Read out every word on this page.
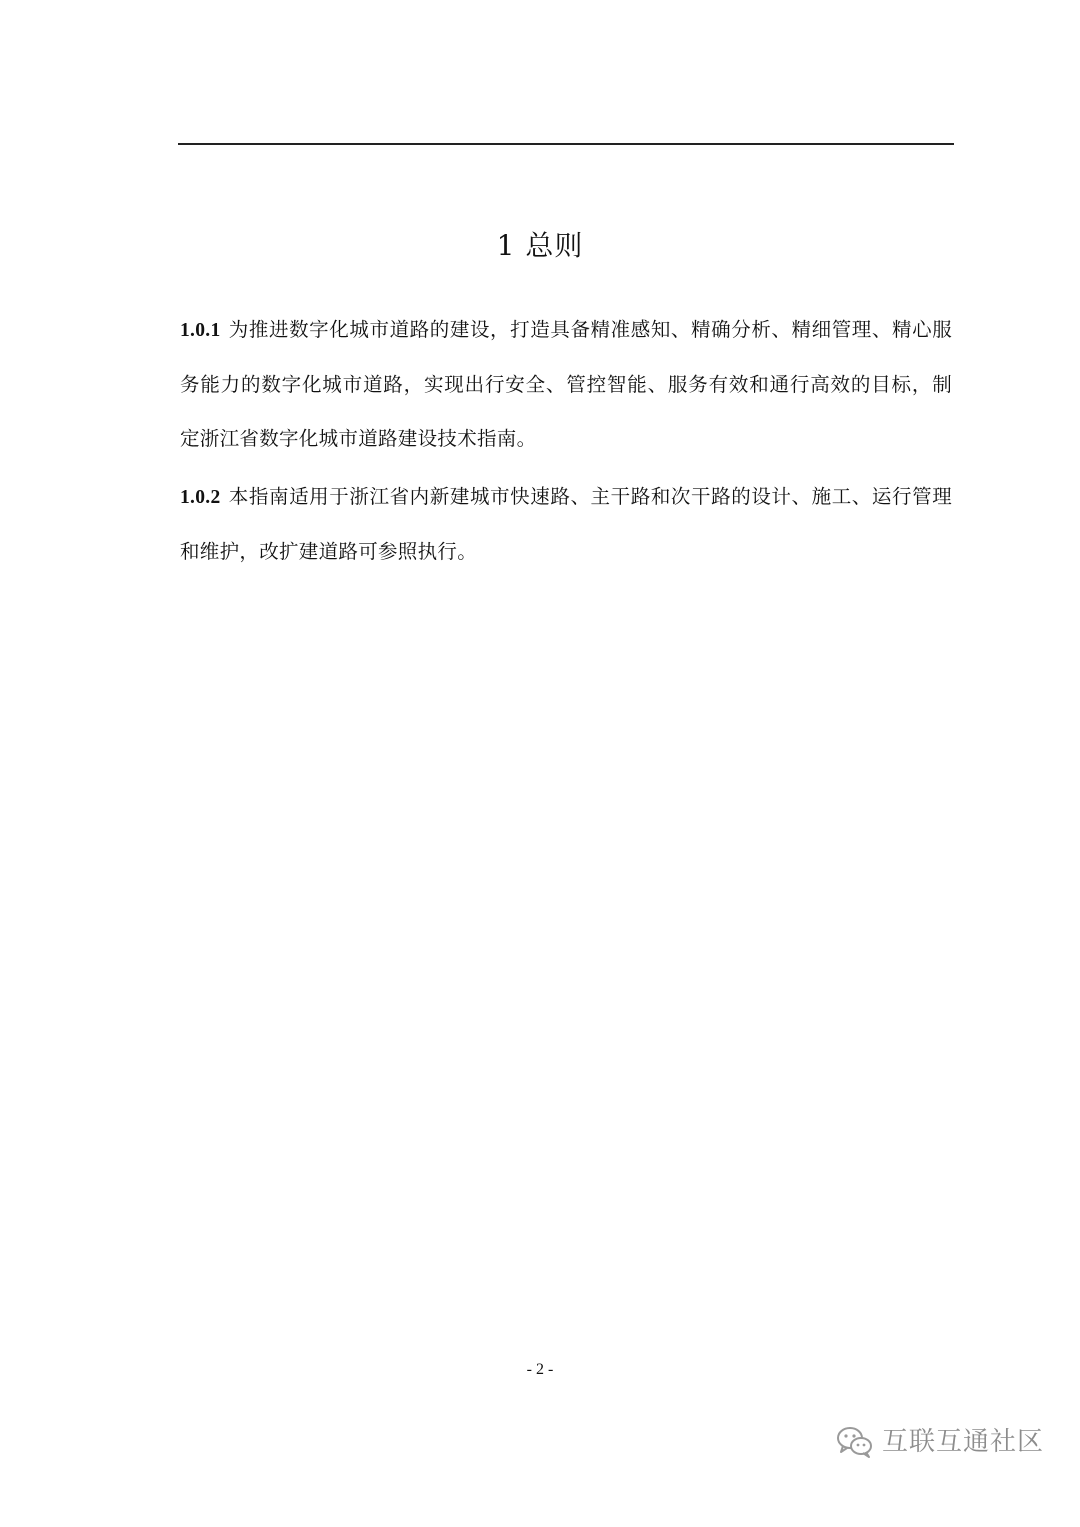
1 总则
1.0.1 为推进数字化城市道路的建设，打造具备精准感知、精确分析、精细管理、精心服务能力的数字化城市道路，实现出行安全、管控智能、服务有效和通行高效的目标，制定浙江省数字化城市道路建设技术指南。
1.0.2 本指南适用于浙江省内新建城市快速路、主干路和次干路的设计、施工、运行管理和维护，改扩建道路可参照执行。
- 2 -
互联互通社区
